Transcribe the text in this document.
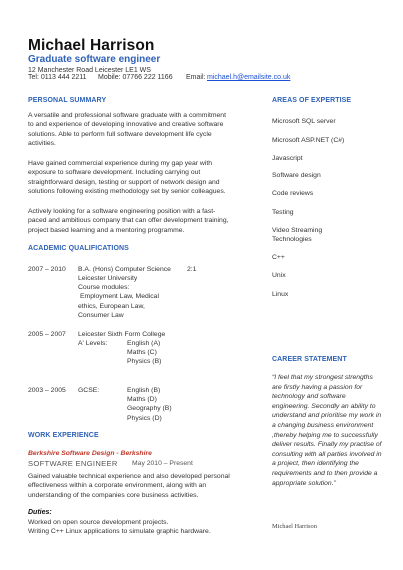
Michael Harrison
Graduate software engineer
12 Manchester Road Leicester LE1 WS
Tel: 0113 444 2211 Mobile: 07766 222 1166 Email: michael.h@emailsite.co.uk
PERSONAL SUMMARY
A versatile and professional software graduate with a commitment
to and experience of developing innovative and creative software
solutions. Able to perform full software development life cycle
activities.
Have gained commercial experience during my gap year with
exposure to software development. Including carrying out
straightforward design, testing or support of network design and
solutions following existing methodology set by senior colleagues.
Actively looking for a software engineering position with a fast-
paced and ambitious company that can offer development training,
project based learning and a mentoring programme.
ACADEMIC QUALIFICATIONS
2007 – 2010 B.A. (Hons) Computer Science 2:1
Leicester University
Course modules:
Employment Law, Medical
ethics, European Law,
Consumer Law
2005 – 2007 Leicester Sixth Form College
A' Levels:	English (A)
Maths (C)
Physics (B)
2003 – 2005 GCSE:	English (B)
Maths (D)
Geography (B)
Physics (D)
WORK EXPERIENCE
Berkshire Software Design - Berkshire
SOFTWARE ENGINEER May 2010 – Present
Gained valuable technical experience and also developed personal
effectiveness within a corporate environment, along with an
understanding of the companies core business activities.
Duties:
Worked on open source development projects.
Writing C++ Linux applications to simulate graphic hardware.
AREAS OF EXPERTISE
Microsoft SQL server
Microsoft ASP.NET (C#)
Javascript
Software design
Code reviews
Testing
Video Streaming
Technologies
C++
Unix
Linux
CAREER STATEMENT
“I feel that my strongest strengths are firstly having a passion for technology and software engineering. Secondly an ability to understand and prioritise my work in a changing business environment ,thereby helping me to successfully deliver results. Finally my practise of consulting with all parties involved in a project, then identifying the requirements and to then provide a appropriate solution.”
Michael Harrison
